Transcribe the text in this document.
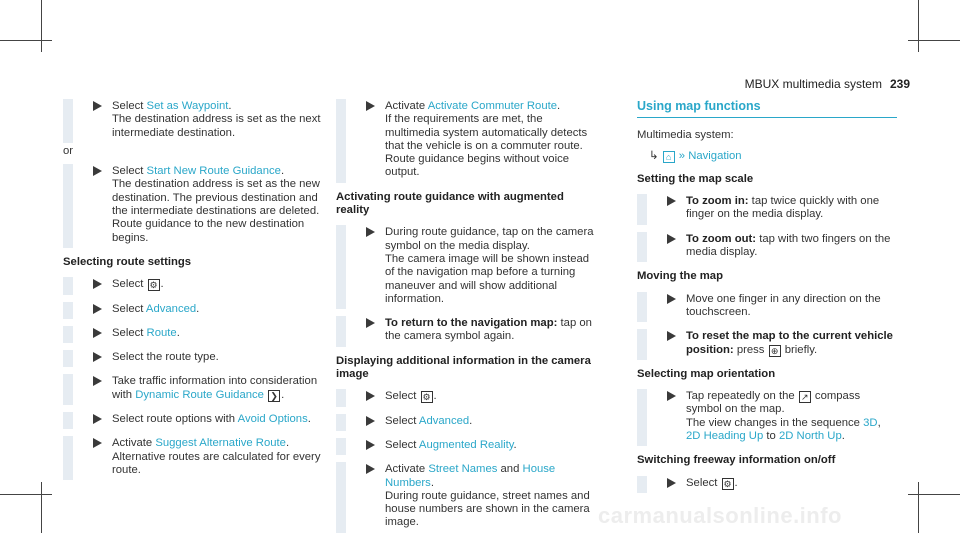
MBUX multimedia system 239
Select Set as Waypoint.
The destination address is set as the next intermediate destination.
or
Select Start New Route Guidance.
The destination address is set as the new destination. The previous destination and the intermediate destinations are deleted. Route guidance to the new destination begins.
Selecting route settings
Select ⚙ .
Select Advanced.
Select Route.
Select the route type.
Take traffic information into consideration with Dynamic Route Guidance ❯ .
Select route options with Avoid Options.
Activate Suggest Alternative Route.
Alternative routes are calculated for every route.
Activate Activate Commuter Route.
If the requirements are met, the multimedia system automatically detects that the vehicle is on a commuter route. Route guidance begins without voice output.
Activating route guidance with augmented reality
During route guidance, tap on the camera symbol on the media display.
The camera image will be shown instead of the navigation map before a turning maneuver and will show additional information.
To return to the navigation map: tap on the camera symbol again.
Displaying additional information in the camera image
Select ⚙ .
Select Advanced.
Select Augmented Reality.
Activate Street Names and House Numbers.
During route guidance, street names and house numbers are shown in the camera image.
Using map functions
Multimedia system:
↳ ⌂ » Navigation
Setting the map scale
To zoom in: tap twice quickly with one finger on the media display.
To zoom out: tap with two fingers on the media display.
Moving the map
Move one finger in any direction on the touchscreen.
To reset the map to the current vehicle position: press ⊕ briefly.
Selecting map orientation
Tap repeatedly on the ↗ compass symbol on the map.
The view changes in the sequence 3D, 2D Heading Up to 2D North Up.
Switching freeway information on/off
Select ⚙ .
carmanualsonline.info
